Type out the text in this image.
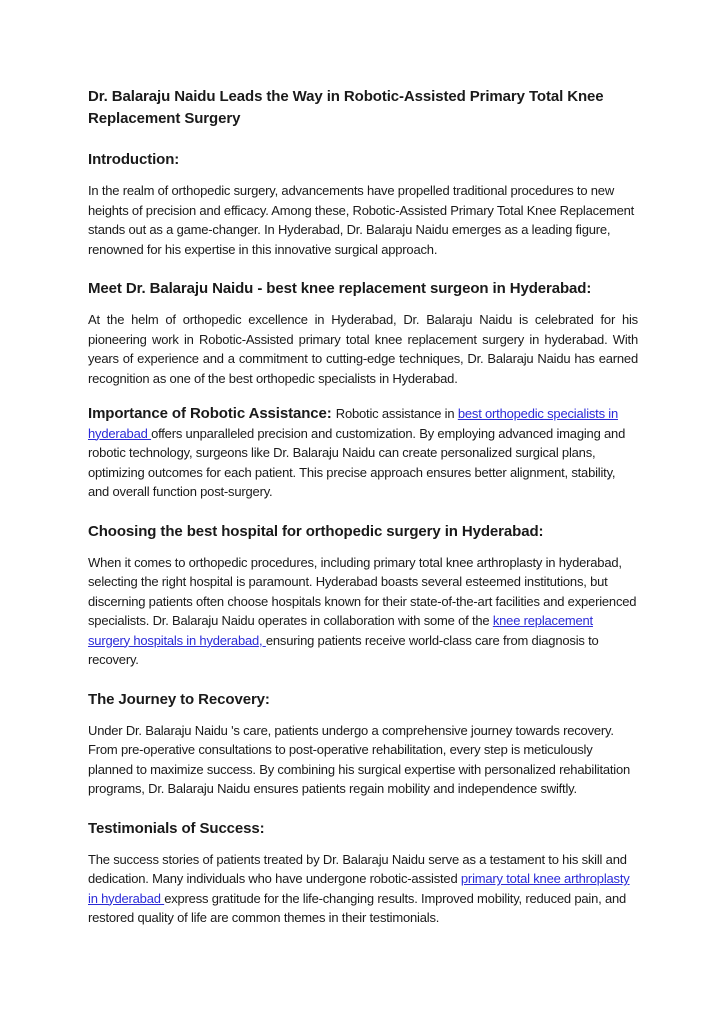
Dr. Balaraju Naidu Leads the Way in Robotic-Assisted Primary Total Knee Replacement Surgery
Introduction:

In the realm of orthopedic surgery, advancements have propelled traditional procedures to new heights of precision and efficacy. Among these, Robotic-Assisted Primary Total Knee Replacement stands out as a game-changer. In Hyderabad, Dr. Balaraju Naidu emerges as a leading figure, renowned for his expertise in this innovative surgical approach.

Meet Dr. Balaraju Naidu - best knee replacement surgeon in Hyderabad:

At the helm of orthopedic excellence in Hyderabad, Dr. Balaraju Naidu is celebrated for his pioneering work in Robotic-Assisted primary total knee replacement surgery in hyderabad. With years of experience and a commitment to cutting-edge techniques, Dr. Balaraju Naidu has earned recognition as one of the best orthopedic specialists in Hyderabad.

Importance of Robotic Assistance: Robotic assistance in best orthopedic specialists in hyderabad offers unparalleled precision and customization. By employing advanced imaging and robotic technology, surgeons like Dr. Balaraju Naidu can create personalized surgical plans, optimizing outcomes for each patient. This precise approach ensures better alignment, stability, and overall function post-surgery.

Choosing the best hospital for orthopedic surgery in Hyderabad:

When it comes to orthopedic procedures, including primary total knee arthroplasty in hyderabad, selecting the right hospital is paramount. Hyderabad boasts several esteemed institutions, but discerning patients often choose hospitals known for their state-of-the-art facilities and experienced specialists. Dr. Balaraju Naidu operates in collaboration with some of the knee replacement surgery hospitals in hyderabad, ensuring patients receive world-class care from diagnosis to recovery.

The Journey to Recovery:

Under Dr. Balaraju Naidu 's care, patients undergo a comprehensive journey towards recovery. From pre-operative consultations to post-operative rehabilitation, every step is meticulously planned to maximize success. By combining his surgical expertise with personalized rehabilitation programs, Dr. Balaraju Naidu ensures patients regain mobility and independence swiftly.

Testimonials of Success:

The success stories of patients treated by Dr. Balaraju Naidu serve as a testament to his skill and dedication. Many individuals who have undergone robotic-assisted primary total knee arthroplasty in hyderabad express gratitude for the life-changing results. Improved mobility, reduced pain, and restored quality of life are common themes in their testimonials.
